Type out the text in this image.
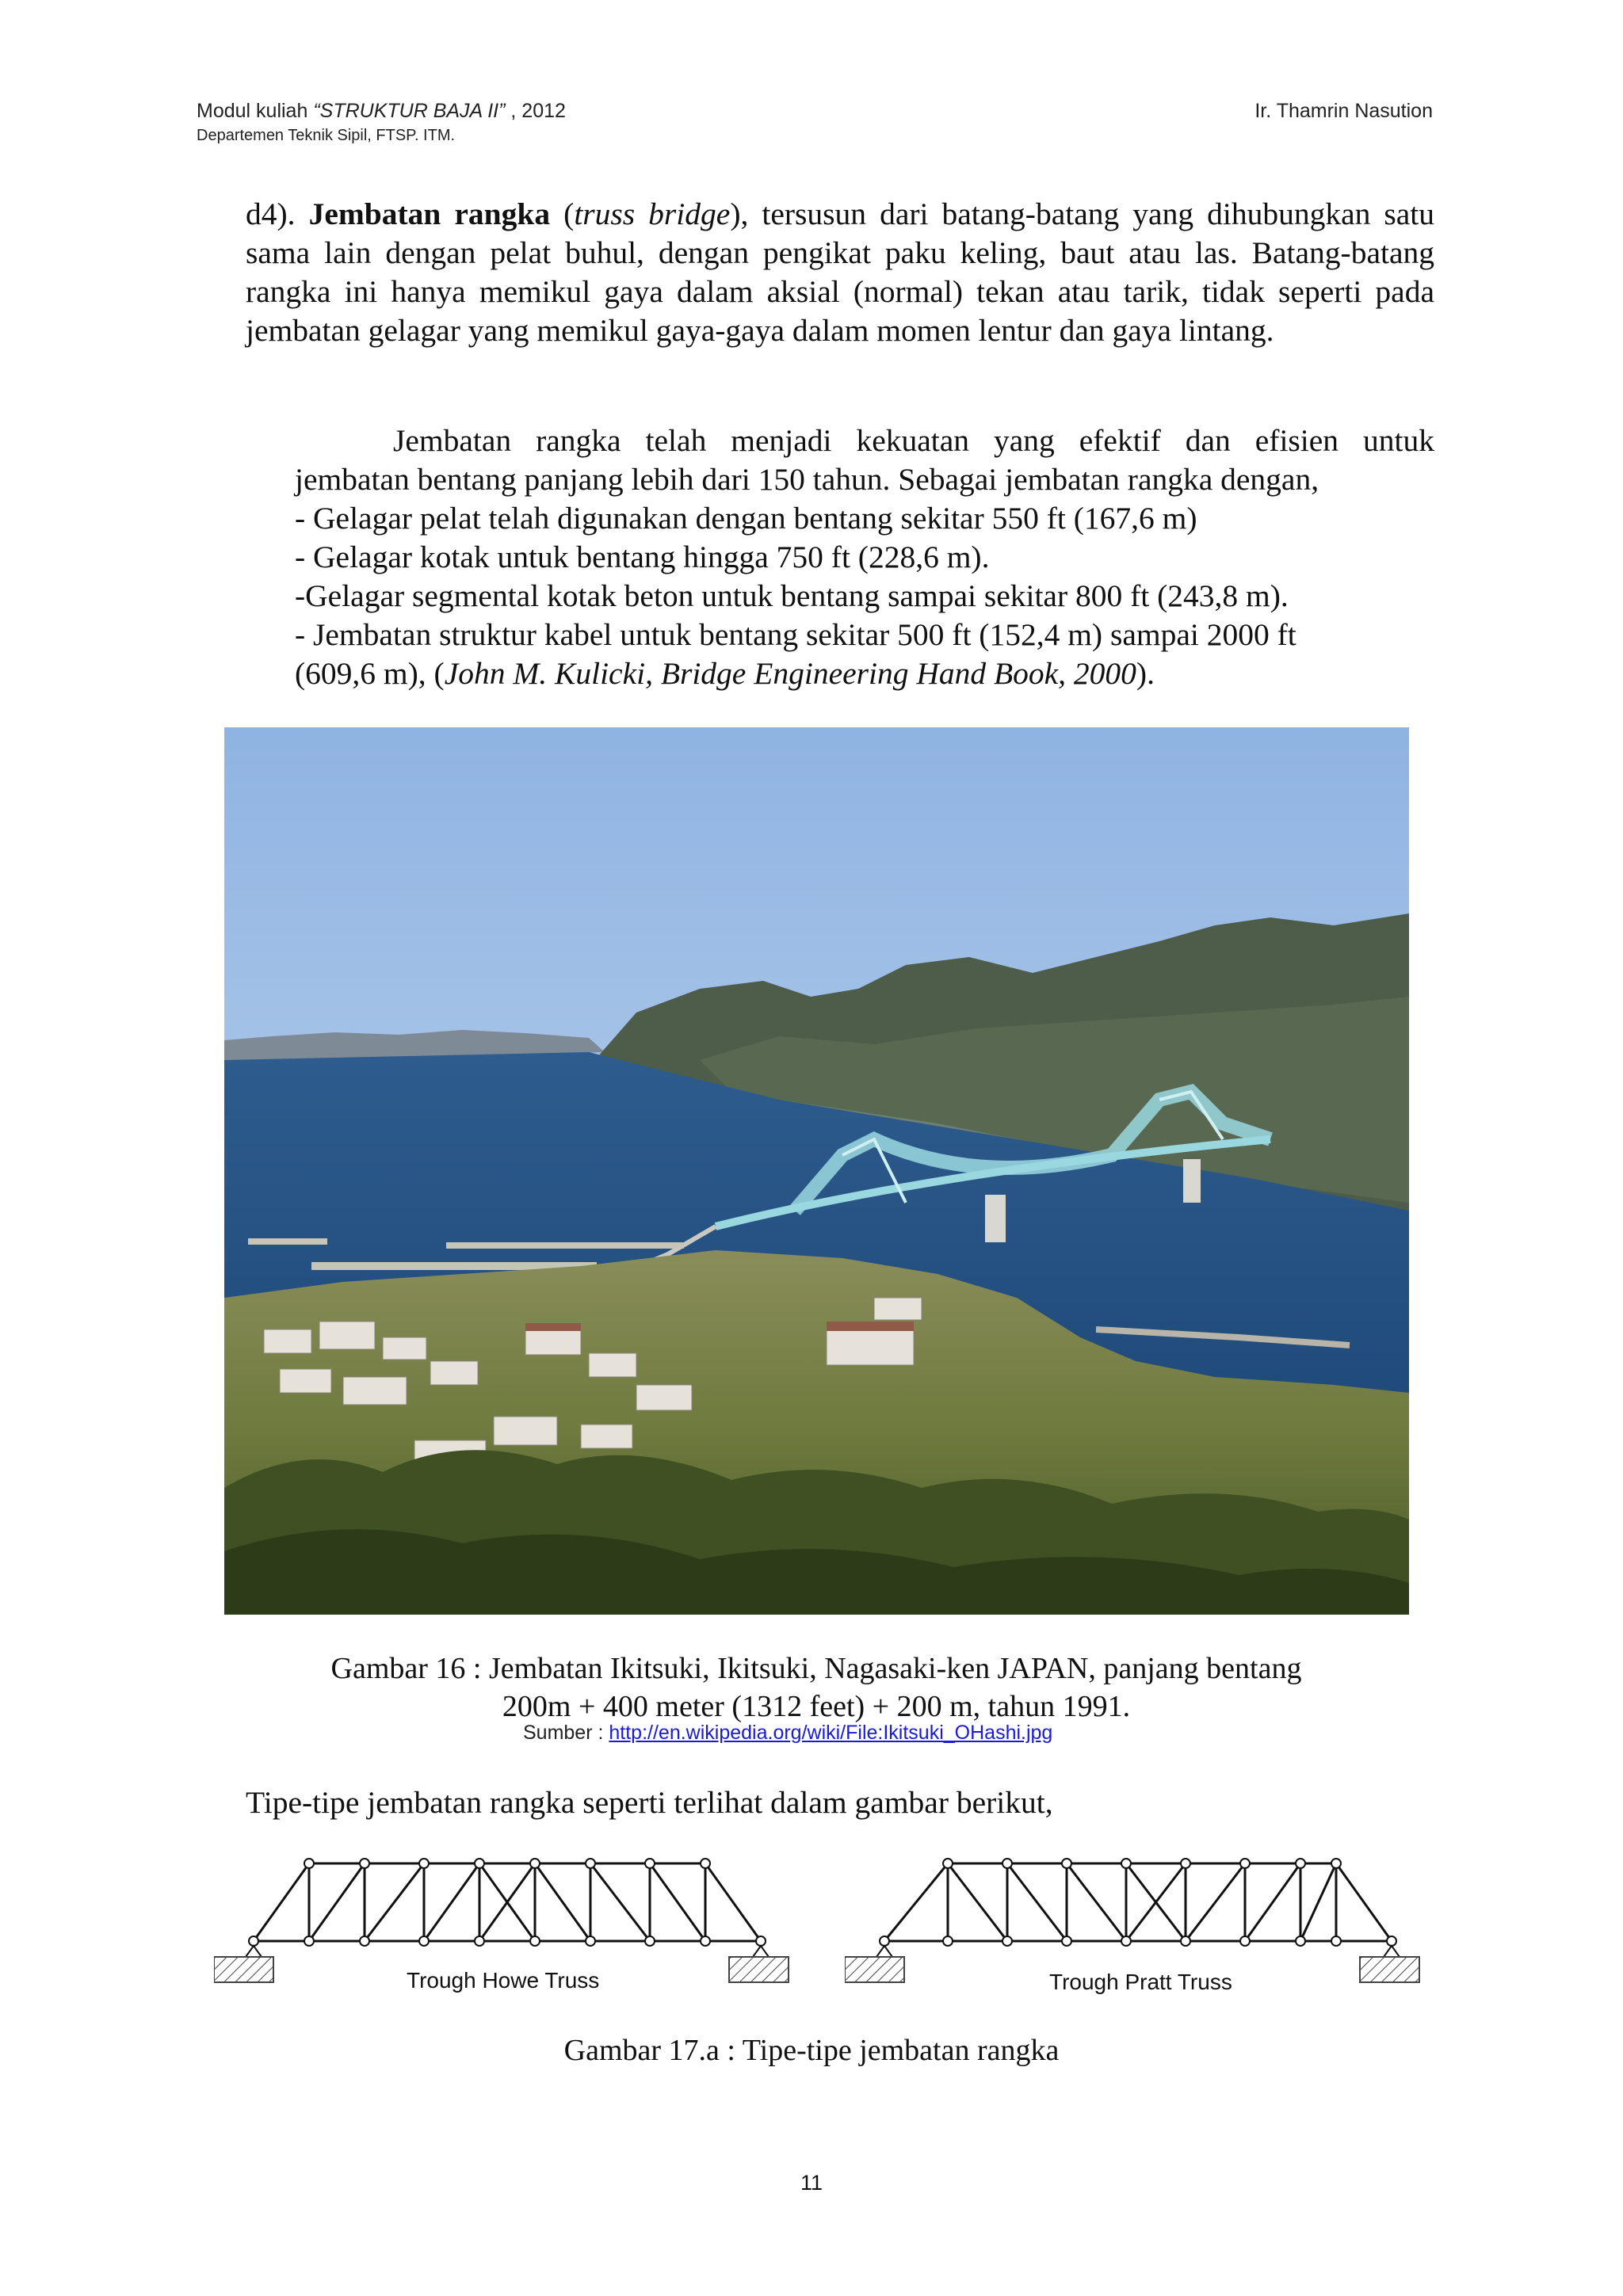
Modul kuliah “STRUKTUR BAJA II” , 2012
Departemen Teknik Sipil, FTSP. ITM.
Ir. Thamrin Nasution
d4). Jembatan rangka (truss bridge), tersusun dari batang-batang yang dihubungkan satu sama lain dengan pelat buhul, dengan pengikat paku keling, baut atau las. Batang-batang rangka ini hanya memikul gaya dalam aksial (normal) tekan atau tarik, tidak seperti pada jembatan gelagar yang memikul gaya-gaya dalam momen lentur dan gaya lintang.
Jembatan rangka telah menjadi kekuatan yang efektif dan efisien untuk
jembatan bentang panjang lebih dari 150 tahun. Sebagai jembatan rangka dengan,
- Gelagar pelat telah digunakan dengan bentang sekitar 550 ft (167,6 m)
- Gelagar kotak untuk bentang hingga 750 ft (228,6 m).
-Gelagar segmental kotak beton untuk bentang sampai sekitar 800 ft (243,8 m).
- Jembatan struktur kabel untuk bentang sekitar 500 ft (152,4 m) sampai 2000 ft
(609,6 m), (John M. Kulicki, Bridge Engineering Hand Book, 2000).
Gambar 16 : Jembatan Ikitsuki, Ikitsuki, Nagasaki-ken JAPAN, panjang bentang
200m + 400 meter (1312 feet) + 200 m, tahun 1991.
Sumber : http://en.wikipedia.org/wiki/File:Ikitsuki_OHashi.jpg
Tipe-tipe jembatan rangka seperti terlihat dalam gambar berikut,
Trough Howe Truss	Trough Pratt Truss
Gambar 17.a : Tipe-tipe jembatan rangka
11
